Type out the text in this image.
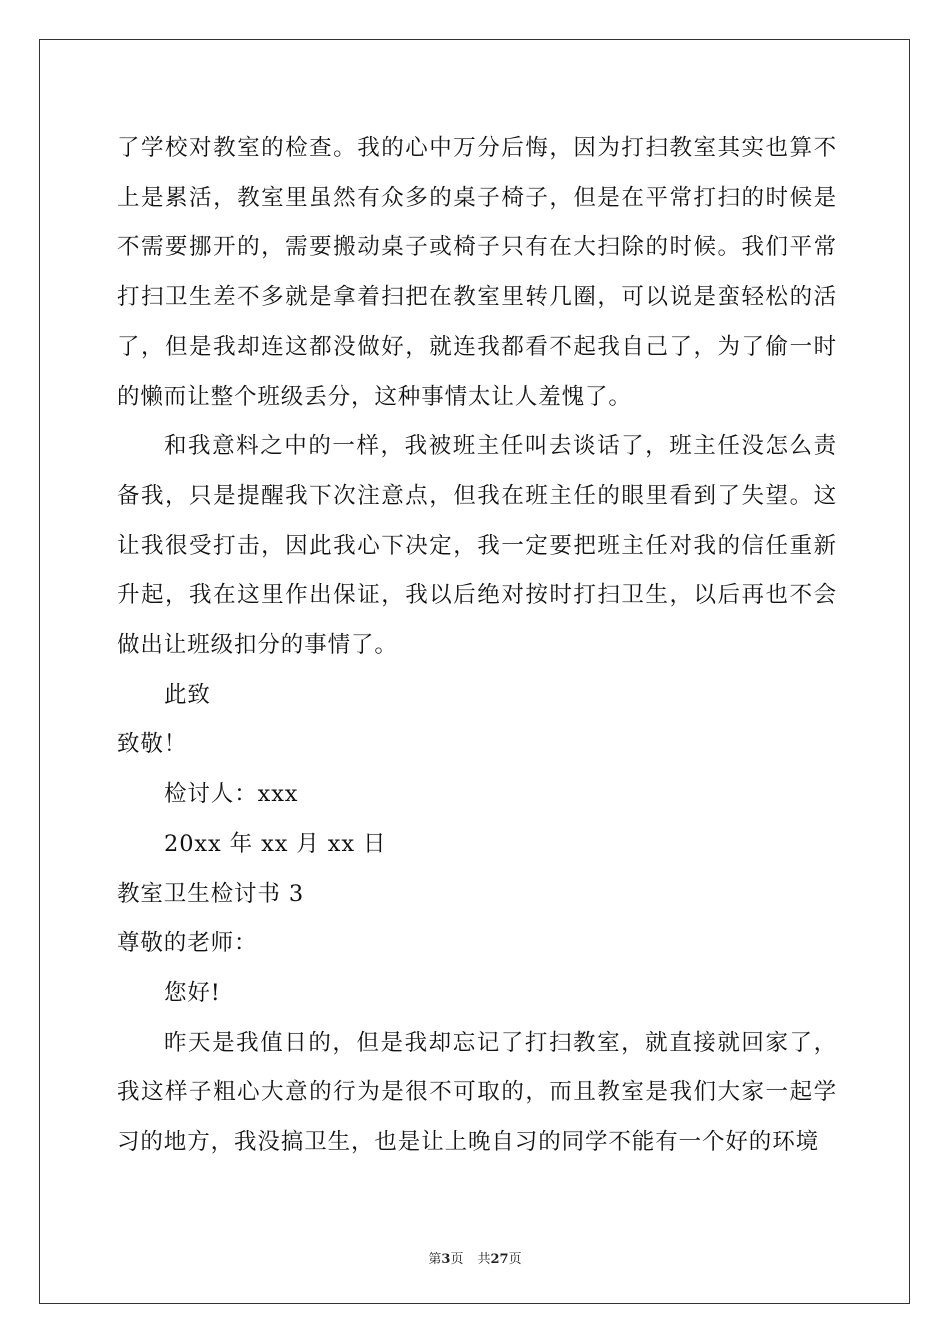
了学校对教室的检查。我的心中万分后悔，因为打扫教室其实也算不上是累活，教室里虽然有众多的桌子椅子，但是在平常打扫的时候是不需要挪开的，需要搬动桌子或椅子只有在大扫除的时候。我们平常打扫卫生差不多就是拿着扫把在教室里转几圈，可以说是蛮轻松的活了，但是我却连这都没做好，就连我都看不起我自己了，为了偷一时的懒而让整个班级丢分，这种事情太让人羞愧了。

和我意料之中的一样，我被班主任叫去谈话了，班主任没怎么责备我，只是提醒我下次注意点，但我在班主任的眼里看到了失望。这让我很受打击，因此我心下决定，我一定要把班主任对我的信任重新升起，我在这里作出保证，我以后绝对按时打扫卫生，以后再也不会做出让班级扣分的事情了。

此致

致敬！

检讨人：xxx

20xx 年 xx 月 xx 日

教室卫生检讨书 3

尊敬的老师：

您好!

昨天是我值日的，但是我却忘记了打扫教室，就直接就回家了，我这样子粗心大意的行为是很不可取的，而且教室是我们大家一起学习的地方，我没搞卫生，也是让上晚自习的同学不能有一个好的环境

第3页 共27页
